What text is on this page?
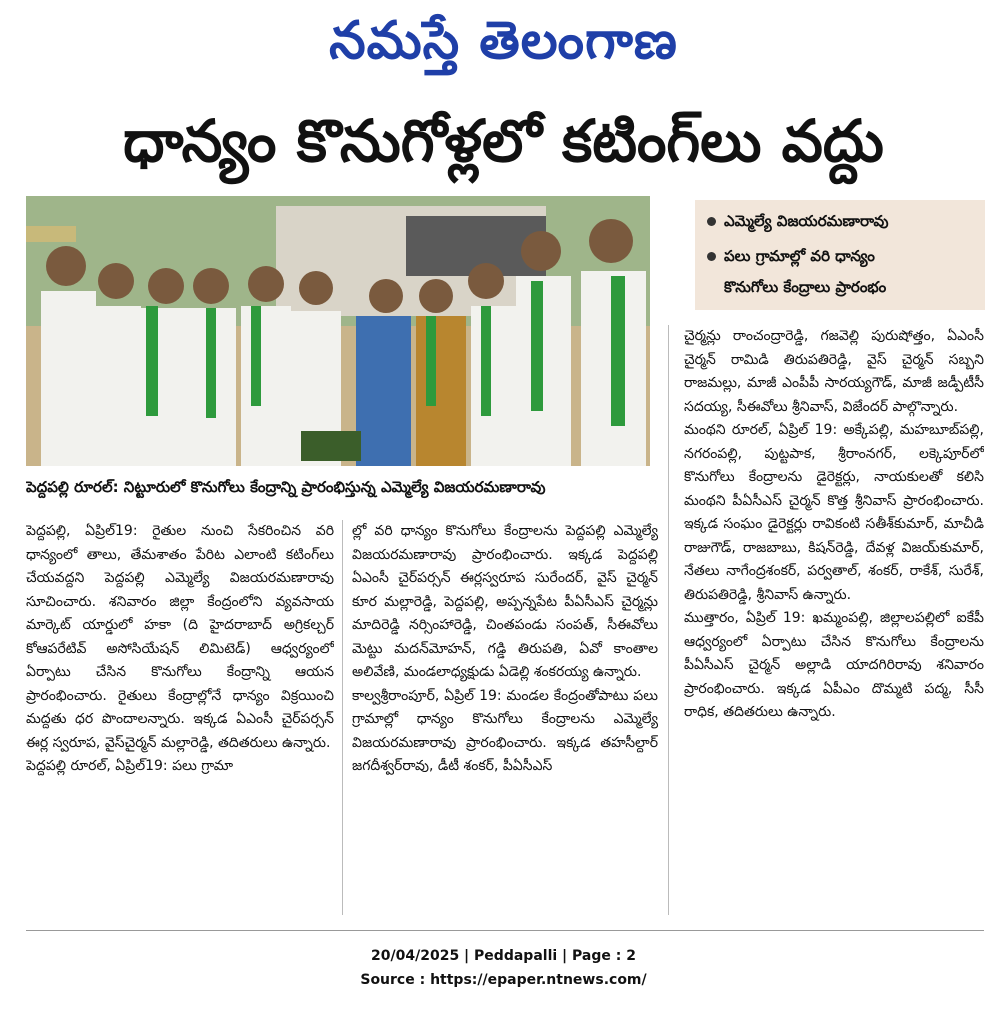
నమస్తే తెలంగాణ
ధాన్యం కొనుగోళ్లలో కటింగ్‌లు వద్దు
పెద్దపల్లి రూరల్‌: నిట్టూరులో కొనుగోలు కేంద్రాన్ని ప్రారంభిస్తున్న ఎమ్మెల్యే విజయరమణారావు
ఎమ్మెల్యే విజయరమణారావు
పలు గ్రామాల్లో వరి ధాన్యం
కొనుగోలు కేంద్రాలు ప్రారంభం

పెద్దపల్లి, ఏప్రిల్‌19: రైతుల నుంచి సేకరించిన వరి ధాన్యంలో తాలు, తేమశాతం పేరిట ఎలాంటి కటింగ్‌లు చేయవద్దని పెద్దపల్లి ఎమ్మెల్యే విజయరమణారావు సూచించారు. శనివారం జిల్లా కేంద్రంలోని వ్యవసాయ మార్కెట్‌ యార్డులో హకా (ది హైదరాబాద్‌ అగ్రికల్చర్‌ కోఆపరేటివ్‌ అసోసియేషన్‌ లిమిటెడ్‌) ఆధ్వర్యంలో ఏర్పాటు చేసిన కొనుగోలు కేంద్రాన్ని ఆయన ప్రారంభించారు. రైతులు కేంద్రాల్లోనే ధాన్యం విక్రయించి మద్దతు ధర పొందాలన్నారు. ఇక్కడ ఏఎంసీ చైర్‌పర్సన్‌ ఈర్ల స్వరూప, వైస్‌చైర్మన్‌ మల్లారెడ్డి, తదితరులు ఉన్నారు.

పెద్దపల్లి రూరల్‌, ఏప్రిల్‌19: పలు గ్రామా

ల్లో వరి ధాన్యం కొనుగోలు కేంద్రాలను పెద్దపల్లి ఎమ్మెల్యే విజయరమణారావు ప్రారంభించారు. ఇక్కడ పెద్దపల్లి ఏఎంసీ చైర్‌పర్సన్‌ ఈర్లస్వరూప సురేందర్‌, వైస్‌ చైర్మన్‌ కూర మల్లారెడ్డి, పెద్దపల్లి, అప్పన్నపేట పీఏసీఎస్‌ చైర్మన్లు మాదిరెడ్డి నర్సింహారెడ్డి, చింతపండు సంపత్‌, సీఈవోలు మెట్టు మదన్‌మోహన్‌, గడ్డి తిరుపతి, ఏవో కాంతాల అలివేణి, మండలాధ్యక్షుడు ఏడెల్లి శంకరయ్య ఉన్నారు.

కాల్వశ్రీరాంపూర్‌, ఏప్రిల్‌ 19: మండల కేంద్రంతోపాటు పలు గ్రామాల్లో ధాన్యం కొనుగోలు కేంద్రాలను ఎమ్మెల్యే విజయరమణారావు ప్రారంభించారు. ఇక్కడ తహసీల్దార్‌ జగదీశ్వర్‌రావు, డీటీ శంకర్‌, పీఏసీఎస్‌

చైర్మన్లు రాంచంద్రారెడ్డి, గజవెల్లి పురుషోత్తం, ఏఎంసీ చైర్మన్‌ రామిడి తిరుపతిరెడ్డి, వైస్‌ చైర్మన్‌ సబ్బని రాజమల్లు, మాజీ ఎంపీపీ సారయ్యగౌడ్‌, మాజీ జడ్పీటీసీ సదయ్య, సీఈవోలు శ్రీనివాస్‌, విజేందర్‌ పాల్గొన్నారు.

మంథని రూరల్‌, ఏప్రిల్‌ 19: అక్కేపల్లి, మహబూబ్‌పల్లి, నగరంపల్లి, పుట్టపాక, శ్రీరాంనగర్‌, లక్కెపూర్‌లో కొనుగోలు కేంద్రాలను డైరెక్టర్లు, నాయకులతో కలిసి మంథని పీఏసీఎస్‌ చైర్మన్‌ కొత్త శ్రీనివాస్‌ ప్రారంభించారు. ఇక్కడ సంఘం డైరెక్టర్లు రావికంటి సతీశ్‌కుమార్‌, మాచీడి రాజుగౌడ్‌, రాజబాబు, కిషన్‌రెడ్డి, దేవళ్ల విజయ్‌కుమార్‌, నేతలు నాగేంద్రశంకర్‌, పర్వతాల్‌, శంకర్‌, రాకేశ్‌, సురేశ్‌, తిరుపతిరెడ్డి, శ్రీనివాస్‌ ఉన్నారు.

ముత్తారం, ఏప్రిల్‌ 19: ఖమ్మంపల్లి, జిల్లాలపల్లిలో ఐకేపీ ఆధ్వర్యంలో ఏర్పాటు చేసిన కొనుగోలు కేంద్రాలను పీఏసీఎస్‌ చైర్మన్‌ అల్లాడి యాదగిరిరావు శనివారం ప్రారంభించారు. ఇక్కడ ఏపీఎం దొమ్మటి పద్మ, సీసీ రాధిక, తదితరులు ఉన్నారు.

20/04/2025 | Peddapalli | Page : 2
Source : https://epaper.ntnews.com/
